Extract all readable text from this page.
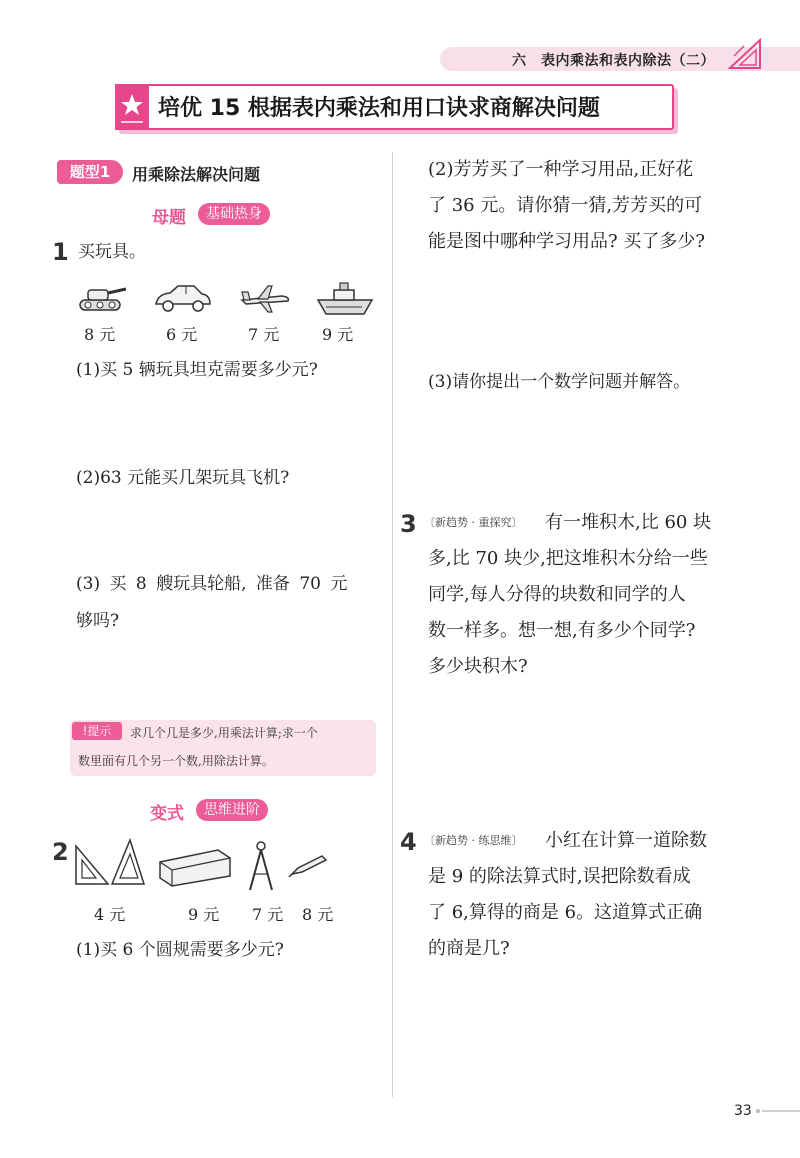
六　表内乘法和表内除法（二）
培优 15 根据表内乘法和用口诀求商解决问题
题型1	用乘除法解决问题
母题	基础热身
1 买玩具。
8 元	6 元	7 元	9 元
(1)买 5 辆玩具坦克需要多少元?
(2)63 元能买几架玩具飞机?
(3) 买 8 艘玩具轮船, 准备 70 元
够吗?
!提示	求几个几是多少,用乘法计算;求一个
数里面有几个另一个数,用除法计算。
变式	思维进阶
2
4 元	9 元 7 元 8 元
(1)买 6 个圆规需要多少元?
(2)芳芳买了一种学习用品,正好花
了 36 元。请你猜一猜,芳芳买的可
能是图中哪种学习用品? 买了多少?
(3)请你提出一个数学问题并解答。
3 〔新趋势 · 重探究〕 有一堆积木,比 60 块
多,比 70 块少,把这堆积木分给一些
同学,每人分得的块数和同学的人
数一样多。想一想,有多少个同学?
多少块积木?
4 〔新趋势 · 练思维〕 小红在计算一道除数
是 9 的除法算式时,误把除数看成
了 6,算得的商是 6。这道算式正确
的商是几?
33
